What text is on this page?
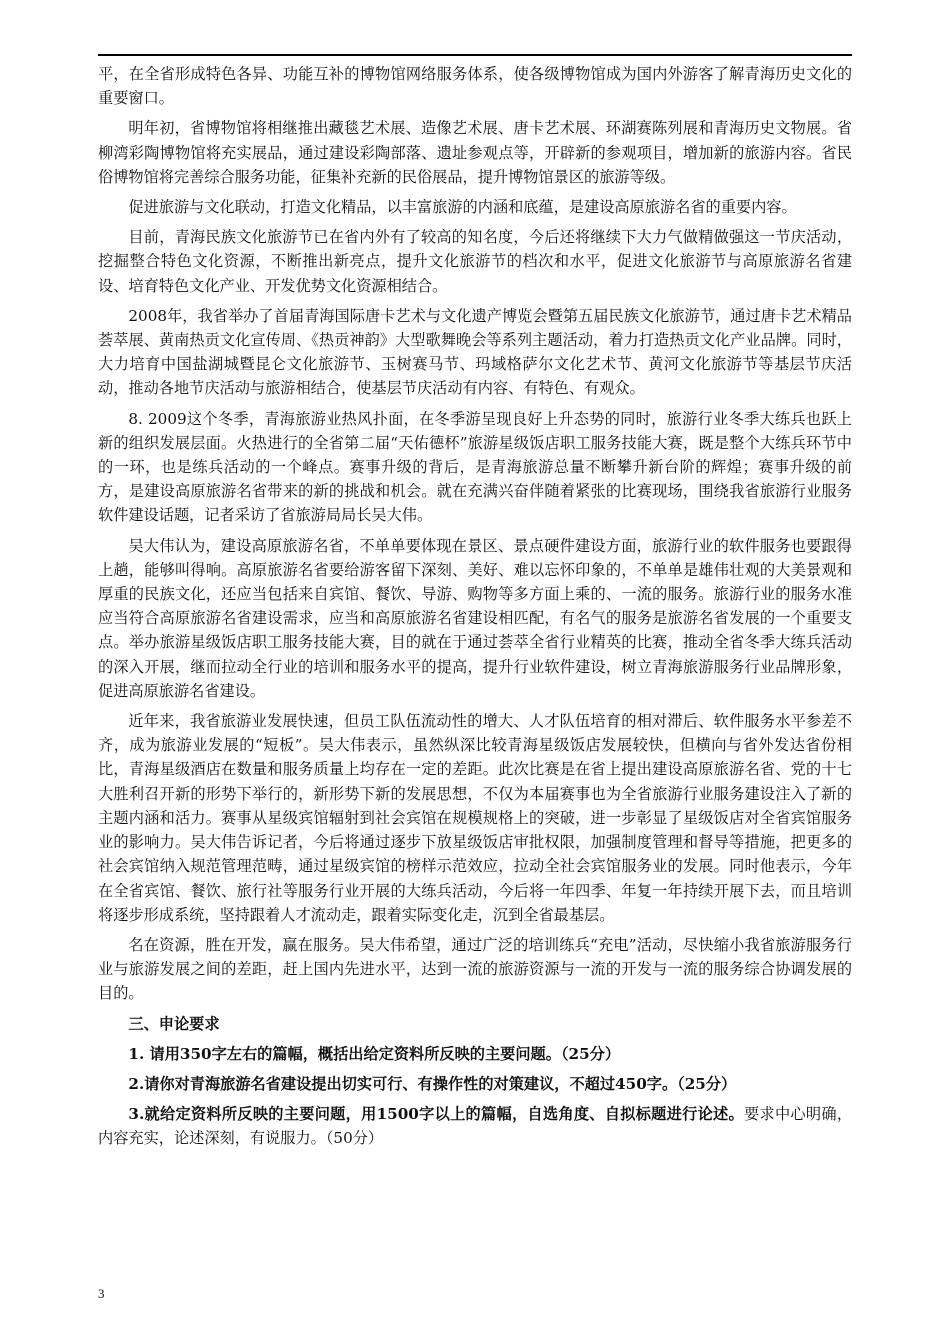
平，在全省形成特色各异、功能互补的博物馆网络服务体系，使各级博物馆成为国内外游客了解青海历史文化的重要窗口。

明年初，省博物馆将相继推出藏毯艺术展、造像艺术展、唐卡艺术展、环湖赛陈列展和青海历史文物展。省柳湾彩陶博物馆将充实展品，通过建设彩陶部落、遗址参观点等，开辟新的参观项目，增加新的旅游内容。省民俗博物馆将完善综合服务功能，征集补充新的民俗展品，提升博物馆景区的旅游等级。

促进旅游与文化联动，打造文化精品，以丰富旅游的内涵和底蕴，是建设高原旅游名省的重要内容。

目前，青海民族文化旅游节已在省内外有了较高的知名度，今后还将继续下大力气做精做强这一节庆活动，挖掘整合特色文化资源，不断推出新亮点，提升文化旅游节的档次和水平，促进文化旅游节与高原旅游名省建设、培育特色文化产业、开发优势文化资源相结合。

2008年，我省举办了首届青海国际唐卡艺术与文化遗产博览会暨第五届民族文化旅游节，通过唐卡艺术精品荟萃展、黄南热贡文化宣传周、《热贡神韵》大型歌舞晚会等系列主题活动，着力打造热贡文化产业品牌。同时，大力培育中国盐湖城暨昆仑文化旅游节、玉树赛马节、玛域格萨尔文化艺术节、黄河文化旅游节等基层节庆活动，推动各地节庆活动与旅游相结合，使基层节庆活动有内容、有特色、有观众。

8. 2009这个冬季，青海旅游业热风扑面，在冬季游呈现良好上升态势的同时，旅游行业冬季大练兵也跃上新的组织发展层面。火热进行的全省第二届“天佑德杯”旅游星级饭店职工服务技能大赛，既是整个大练兵环节中的一环，也是练兵活动的一个峰点。赛事升级的背后，是青海旅游总量不断攀升新台阶的辉煌；赛事升级的前方，是建设高原旅游名省带来的新的挑战和机会。就在充满兴奋伴随着紧张的比赛现场，围绕我省旅游行业服务软件建设话题，记者采访了省旅游局局长吴大伟。

吴大伟认为，建设高原旅游名省，不单单要体现在景区、景点硬件建设方面，旅游行业的软件服务也要跟得上趟，能够叫得响。高原旅游名省要给游客留下深刻、美好、难以忘怀印象的，不单单是雄伟壮观的大美景观和厚重的民族文化，还应当包括来自宾馆、餐饮、导游、购物等多方面上乘的、一流的服务。旅游行业的服务水准应当符合高原旅游名省建设需求，应当和高原旅游名省建设相匹配，有名气的服务是旅游名省发展的一个重要支点。举办旅游星级饭店职工服务技能大赛，目的就在于通过荟萃全省行业精英的比赛，推动全省冬季大练兵活动的深入开展，继而拉动全行业的培训和服务水平的提高，提升行业软件建设，树立青海旅游服务行业品牌形象，促进高原旅游名省建设。

近年来，我省旅游业发展快速，但员工队伍流动性的增大、人才队伍培育的相对滞后、软件服务水平参差不齐，成为旅游业发展的“短板”。吴大伟表示，虽然纵深比较青海星级饭店发展较快，但横向与省外发达省份相比，青海星级酒店在数量和服务质量上均存在一定的差距。此次比赛是在省上提出建设高原旅游名省、党的十七大胜利召开新的形势下举行的，新形势下新的发展思想，不仅为本届赛事也为全省旅游行业服务建设注入了新的主题内涵和活力。赛事从星级宾馆辐射到社会宾馆在规模规格上的突破，进一步彰显了星级饭店对全省宾馆服务业的影响力。吴大伟告诉记者，今后将通过逐步下放星级饭店审批权限，加强制度管理和督导等措施，把更多的社会宾馆纳入规范管理范畴，通过星级宾馆的榜样示范效应，拉动全社会宾馆服务业的发展。同时他表示，今年在全省宾馆、餐饮、旅行社等服务行业开展的大练兵活动，今后将一年四季、年复一年持续开展下去，而且培训将逐步形成系统，坚持跟着人才流动走，跟着实际变化走，沉到全省最基层。

名在资源，胜在开发，赢在服务。吴大伟希望，通过广泛的培训练兵“充电”活动，尽快缩小我省旅游服务行业与旅游发展之间的差距，赶上国内先进水平，达到一流的旅游资源与一流的开发与一流的服务综合协调发展的目的。

三、申论要求

1. 请用350字左右的篇幅，概括出给定资料所反映的主要问题。（25分）

2.请你对青海旅游名省建设提出切实可行、有操作性的对策建议，不超过450字。（25分）

3.就给定资料所反映的主要问题，用1500字以上的篇幅，自选角度、自拟标题进行论述。要求中心明确，内容充实，论述深刻，有说服力。（50分）

3
